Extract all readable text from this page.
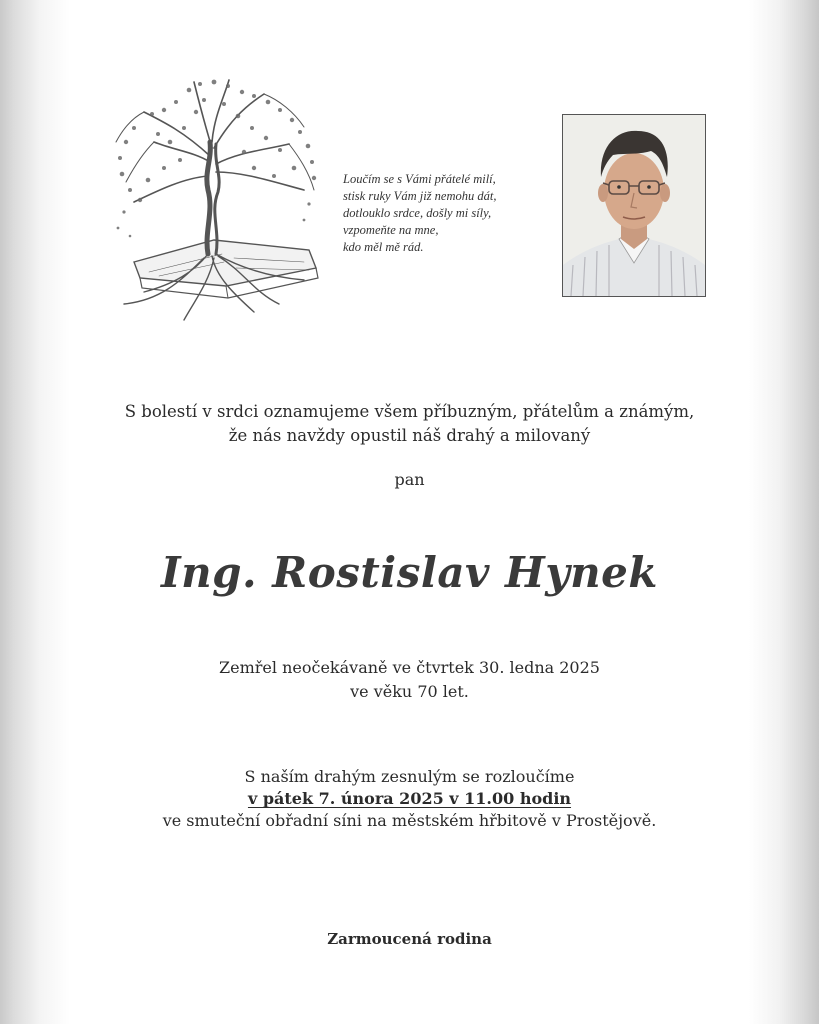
Loučím se s Vámi přátelé milí,
stisk ruky Vám již nemohu dát,
dotlouklo srdce, došly mi síly,
vzpomeňte na mne,
kdo měl mě rád.
S bolestí v srdci oznamujeme všem příbuzným, přátelům a známým,
že nás navždy opustil náš drahý a milovaný
pan
Ing. Rostislav Hynek
Zemřel neočekávaně ve čtvrtek 30. ledna 2025
ve věku 70 let.
S naším drahým zesnulým se rozloučíme
v pátek 7. února 2025 v 11.00 hodin
ve smuteční obřadní síni na městském hřbitově v Prostějově.
Zarmoucená rodina
